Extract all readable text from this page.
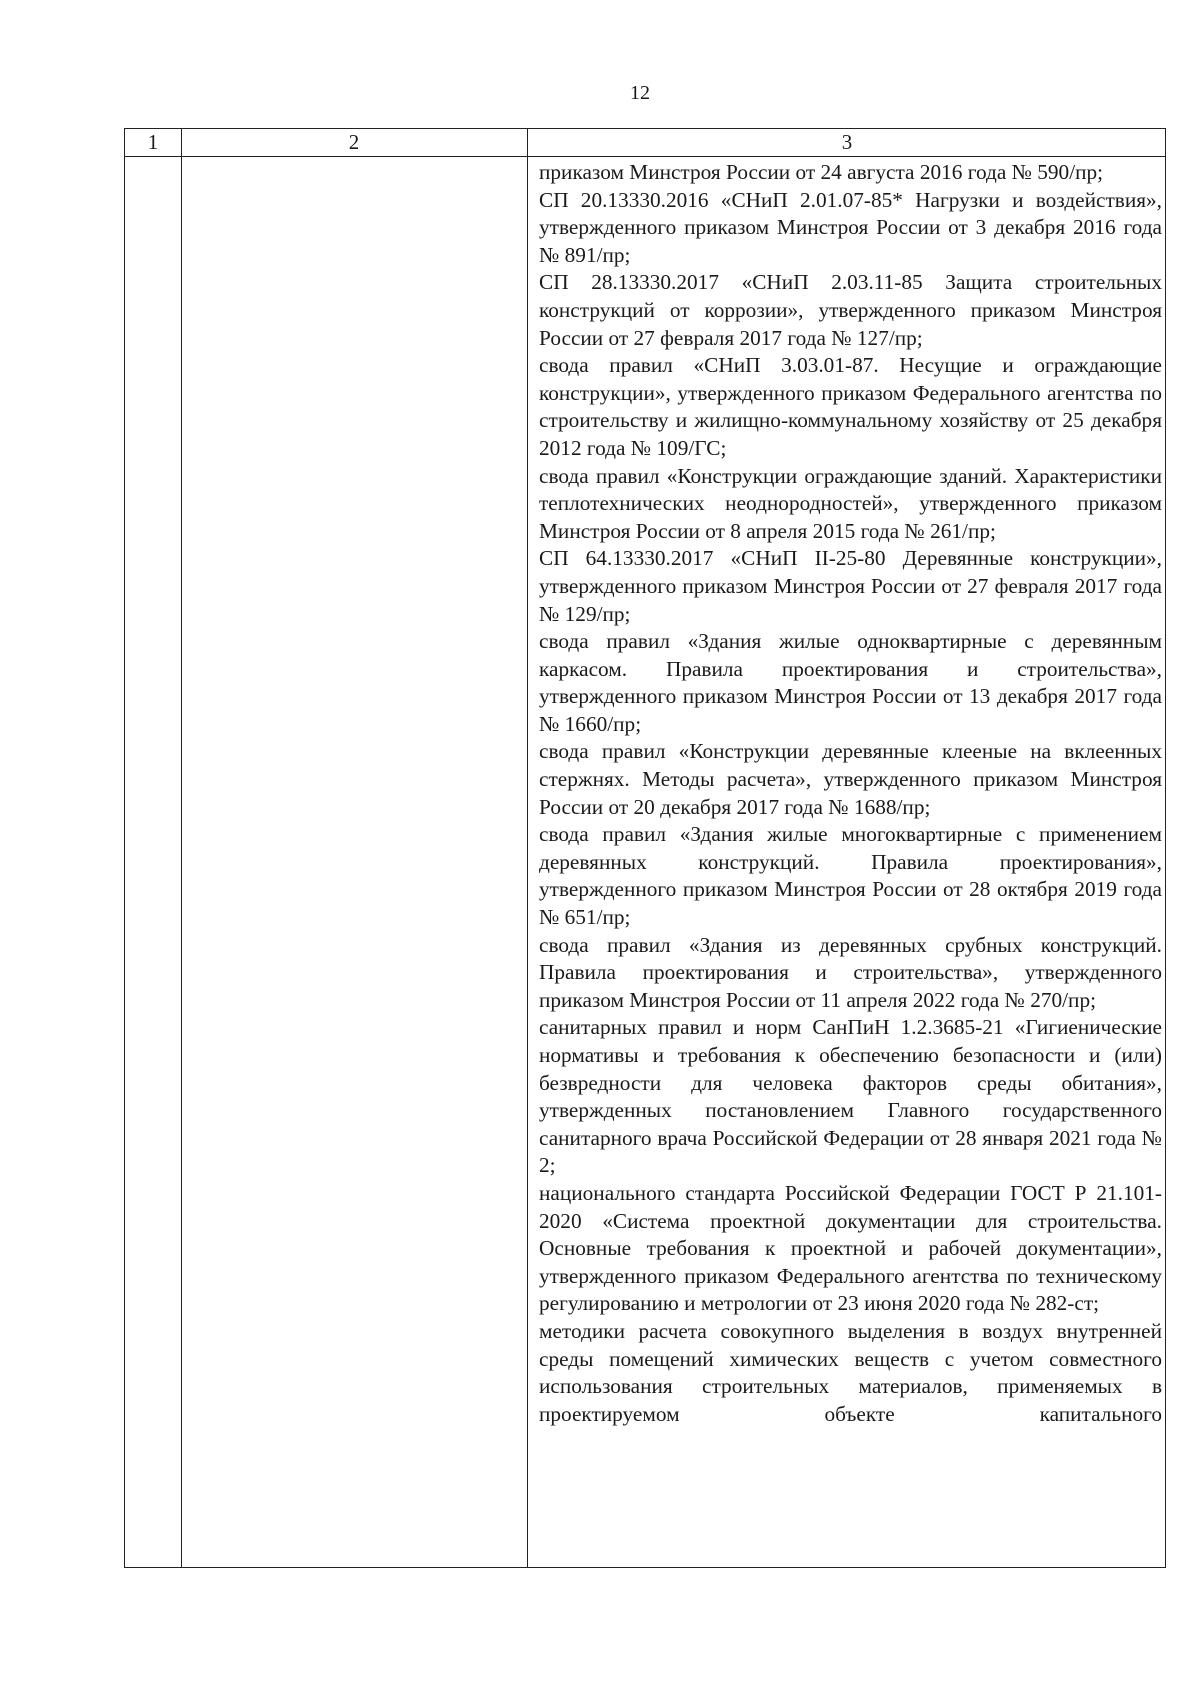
12
1	2	3

приказом Минстроя России от 24 августа 2016 года № 590/пр;

СП 20.13330.2016 «СНиП 2.01.07-85* Нагрузки и воздействия», утвержденного приказом Минстроя России от 3 декабря 2016 года № 891/пр;

СП 28.13330.2017 «СНиП 2.03.11-85 Защита строительных конструкций от коррозии», утвержденного приказом Минстроя России от 27 февраля 2017 года № 127/пр;

свода правил «СНиП 3.03.01-87. Несущие и ограждающие конструкции», утвержденного приказом Федерального агентства по строительству и жилищно-коммунальному хозяйству от 25 декабря 2012 года № 109/ГС;

свода правил «Конструкции ограждающие зданий. Характеристики теплотехнических неоднородностей», утвержденного приказом Минстроя России от 8 апреля 2015 года № 261/пр;

СП 64.13330.2017 «СНиП II-25-80 Деревянные конструкции», утвержденного приказом Минстроя России от 27 февраля 2017 года № 129/пр;

свода правил «Здания жилые одноквартирные с деревянным каркасом. Правила проектирования и строительства», утвержденного приказом Минстроя России от 13 декабря 2017 года № 1660/пр;

свода правил «Конструкции деревянные клееные на вклеенных стержнях. Методы расчета», утвержденного приказом Минстроя России от 20 декабря 2017 года № 1688/пр;

свода правил «Здания жилые многоквартирные с применением деревянных конструкций. Правила проектирования», утвержденного приказом Минстроя России от 28 октября 2019 года № 651/пр;

свода правил «Здания из деревянных срубных конструкций. Правила проектирования и строительства», утвержденного приказом Минстроя России от 11 апреля 2022 года № 270/пр;

санитарных правил и норм СанПиН 1.2.3685-21 «Гигиенические нормативы и требования к обеспечению безопасности и (или) безвредности для человека факторов среды обитания», утвержденных постановлением Главного государственного санитарного врача Российской Федерации от 28 января 2021 года № 2;

национального стандарта Российской Федерации ГОСТ Р 21.101-2020 «Система проектной документации для строительства. Основные требования к проектной и рабочей документации», утвержденного приказом Федерального агентства по техническому регулированию и метрологии от 23 июня 2020 года № 282-ст;

методики расчета совокупного выделения в воздух внутренней среды помещений химических веществ с учетом совместного использования строительных материалов, применяемых в проектируемом объекте капитального
